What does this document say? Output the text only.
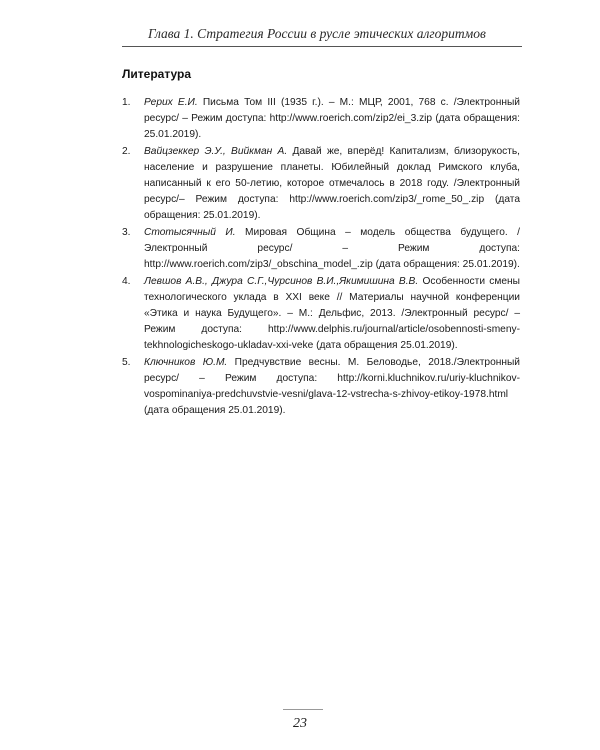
Глава 1. Стратегия России в русле этических алгоритмов
Литература
1.	Рерих Е.И. Письма Том III (1935 г.). – М.: МЦР, 2001, 768 с. /Электронный ресурс/ – Режим доступа: http://www.roerich.com/zip2/ei_3.zip (дата обращения: 25.01.2019).
2.	Вайцзеккер Э.У., Вийкман А. Давай же, вперёд! Капитализм, близорукость, население и разрушение планеты. Юбилейный доклад Римского клуба, написанный к его 50-летию, которое отмечалось в 2018 году. /Электронный ресурс/– Режим доступа: http://www.roerich.com/zip3/_rome_50_.zip (дата обращения: 25.01.2019).
3.	Стотысячный И. Мировая Община – модель общества будущего. /Электронный ресурс/ – Режим доступа: http://www.roerich.com/zip3/_obschina_model_.zip (дата обращения: 25.01.2019).
4.	Левшов А.В., Джура С.Г.,Чурсинов В.И.,Якимишина В.В. Особенности смены технологического уклада в XXI веке // Материалы научной конференции «Этика и наука Будущего». – М.: Дельфис, 2013. /Электронный ресурс/ – Режим доступа: http://www.delphis.ru/journal/article/osobennosti-smeny-tekhnologicheskogo-ukladav-xxi-veke (дата обращения 25.01.2019).
5.	Ключников Ю.М. Предчувствие весны. М. Беловодье, 2018./Электронный ресурс/ – Режим доступа: http://korni.kluchnikov.ru/uriy-kluchnikov-vospominaniya-predchuvstvie-vesni/glava-12-vstrecha-s-zhivoy-etikoy-1978.html (дата обращения 25.01.2019).
23
